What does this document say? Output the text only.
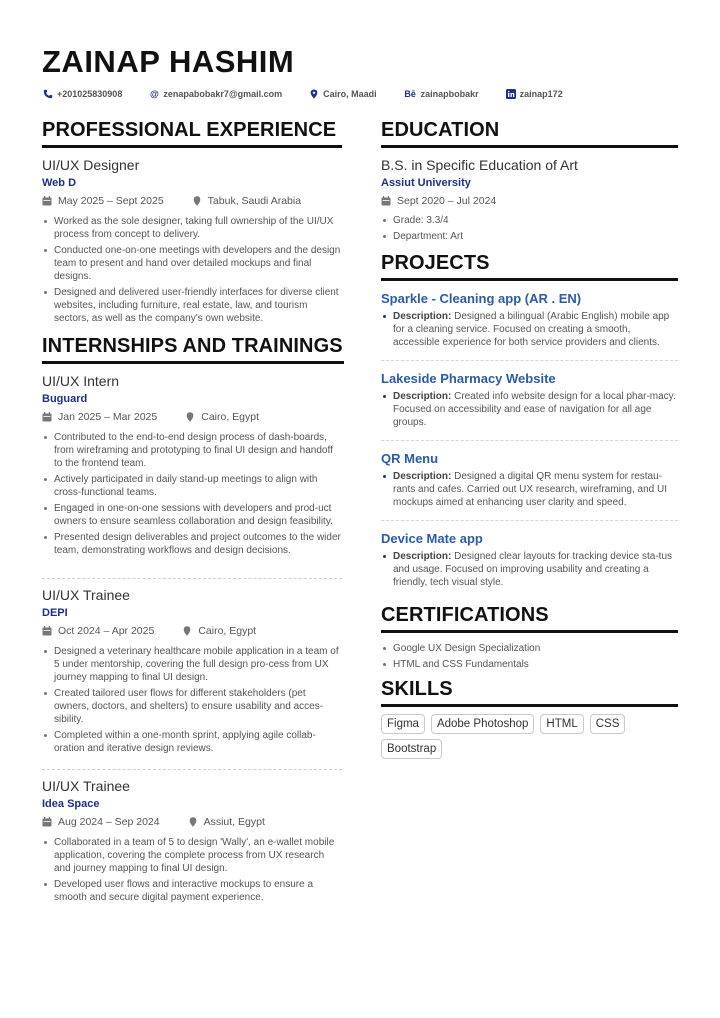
ZAINAP HASHIM
+201025830908	@ zenapabobakr7@gmail.com	Cairo, Maadi	Bē zainapbobakr	zainap172
PROFESSIONAL EXPERIENCE
UI/UX Designer
Web D
May 2025 – Sept 2025	Tabuk, Saudi Arabia
Worked as the sole designer, taking full ownership of the UI/UX process from concept to delivery.
Conducted one-on-one meetings with developers and the design team to present and hand over detailed mockups and final designs.
Designed and delivered user-friendly interfaces for diverse client websites, including furniture, real estate, law, and tourism sectors, as well as the company's own website.
INTERNSHIPS AND TRAININGS
UI/UX Intern
Buguard
Jan 2025 – Mar 2025	Cairo, Egypt
Contributed to the end-to-end design process of dash-boards, from wireframing and prototyping to final UI design and handoff to the frontend team.
Actively participated in daily stand-up meetings to align with cross-functional teams.
Engaged in one-on-one sessions with developers and prod-uct owners to ensure seamless collaboration and design feasibility.
Presented design deliverables and project outcomes to the wider team, demonstrating workflows and design decisions.
UI/UX Trainee
DEPI
Oct 2024 – Apr 2025	Cairo, Egypt
Designed a veterinary healthcare mobile application in a team of 5 under mentorship, covering the full design pro-cess from UX journey mapping to final UI design.
Created tailored user flows for different stakeholders (pet owners, doctors, and shelters) to ensure usability and acces-sibility.
Completed within a one-month sprint, applying agile collab-oration and iterative design reviews.
UI/UX Trainee
Idea Space
Aug 2024 – Sep 2024	Assiut, Egypt
Collaborated in a team of 5 to design 'Wally', an e-wallet mobile application, covering the complete process from UX research and journey mapping to final UI design.
Developed user flows and interactive mockups to ensure a smooth and secure digital payment experience.
EDUCATION
B.S. in Specific Education of Art
Assiut University
Sept 2020 – Jul 2024
Grade: 3.3/4
Department: Art
PROJECTS
Sparkle - Cleaning app (AR . EN)
Description: Designed a bilingual (Arabic English) mobile app for a cleaning service. Focused on creating a smooth, accessible experience for both service providers and clients.
Lakeside Pharmacy Website
Description: Created info website design for a local phar-macy. Focused on accessibility and ease of navigation for all age groups.
QR Menu
Description: Designed a digital QR menu system for restau-rants and cafes. Carried out UX research, wireframing, and UI mockups aimed at enhancing user clarity and speed.
Device Mate app
Description: Designed clear layouts for tracking device sta-tus and usage. Focused on improving usability and creating a friendly, tech visual style.
CERTIFICATIONS
Google UX Design Specialization
HTML and CSS Fundamentals
SKILLS
Figma	Adobe Photoshop	HTML	CSS
Bootstrap
